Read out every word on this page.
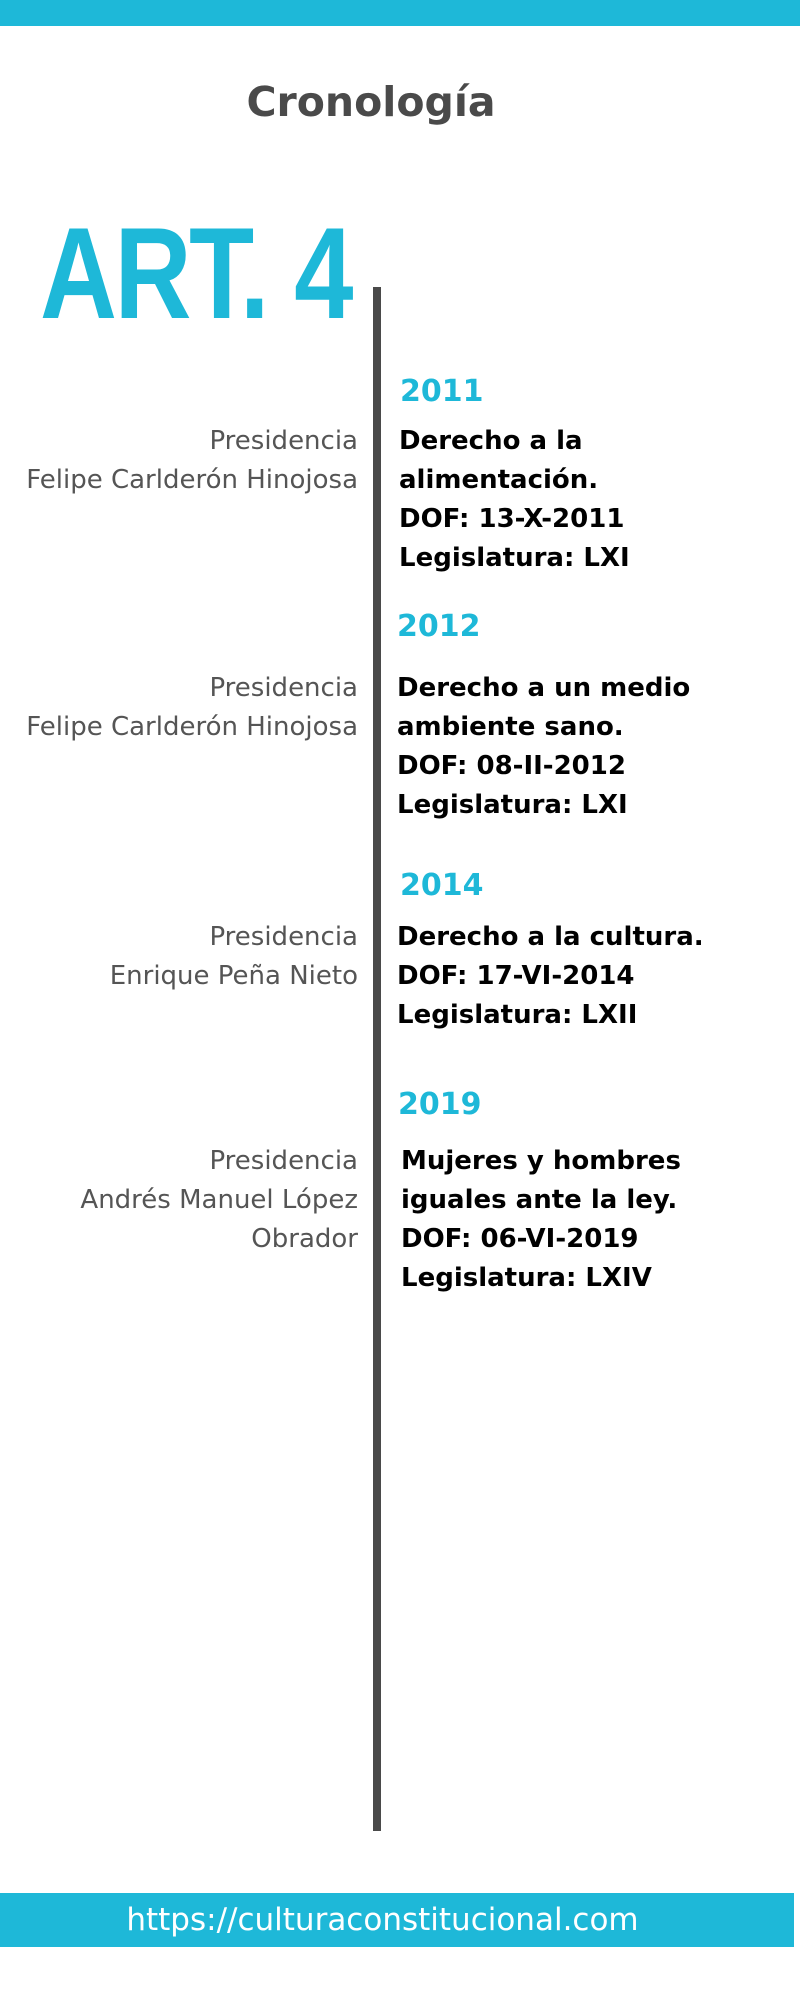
Cronología
ART. 4
2011
Presidencia
Felipe Carlderón Hinojosa
Derecho a la
alimentación.
DOF: 13-X-2011
Legislatura: LXI
2012
Presidencia
Felipe Carlderón Hinojosa
Derecho a un medio
ambiente sano.
DOF: 08-II-2012
Legislatura: LXI
2014
Presidencia
Enrique Peña Nieto
Derecho a la cultura.
DOF: 17-VI-2014
Legislatura: LXII
2019
Presidencia
Andrés Manuel López
Obrador
Mujeres y hombres
iguales ante la ley.
DOF: 06-VI-2019
Legislatura: LXIV
https://culturaconstitucional.com
